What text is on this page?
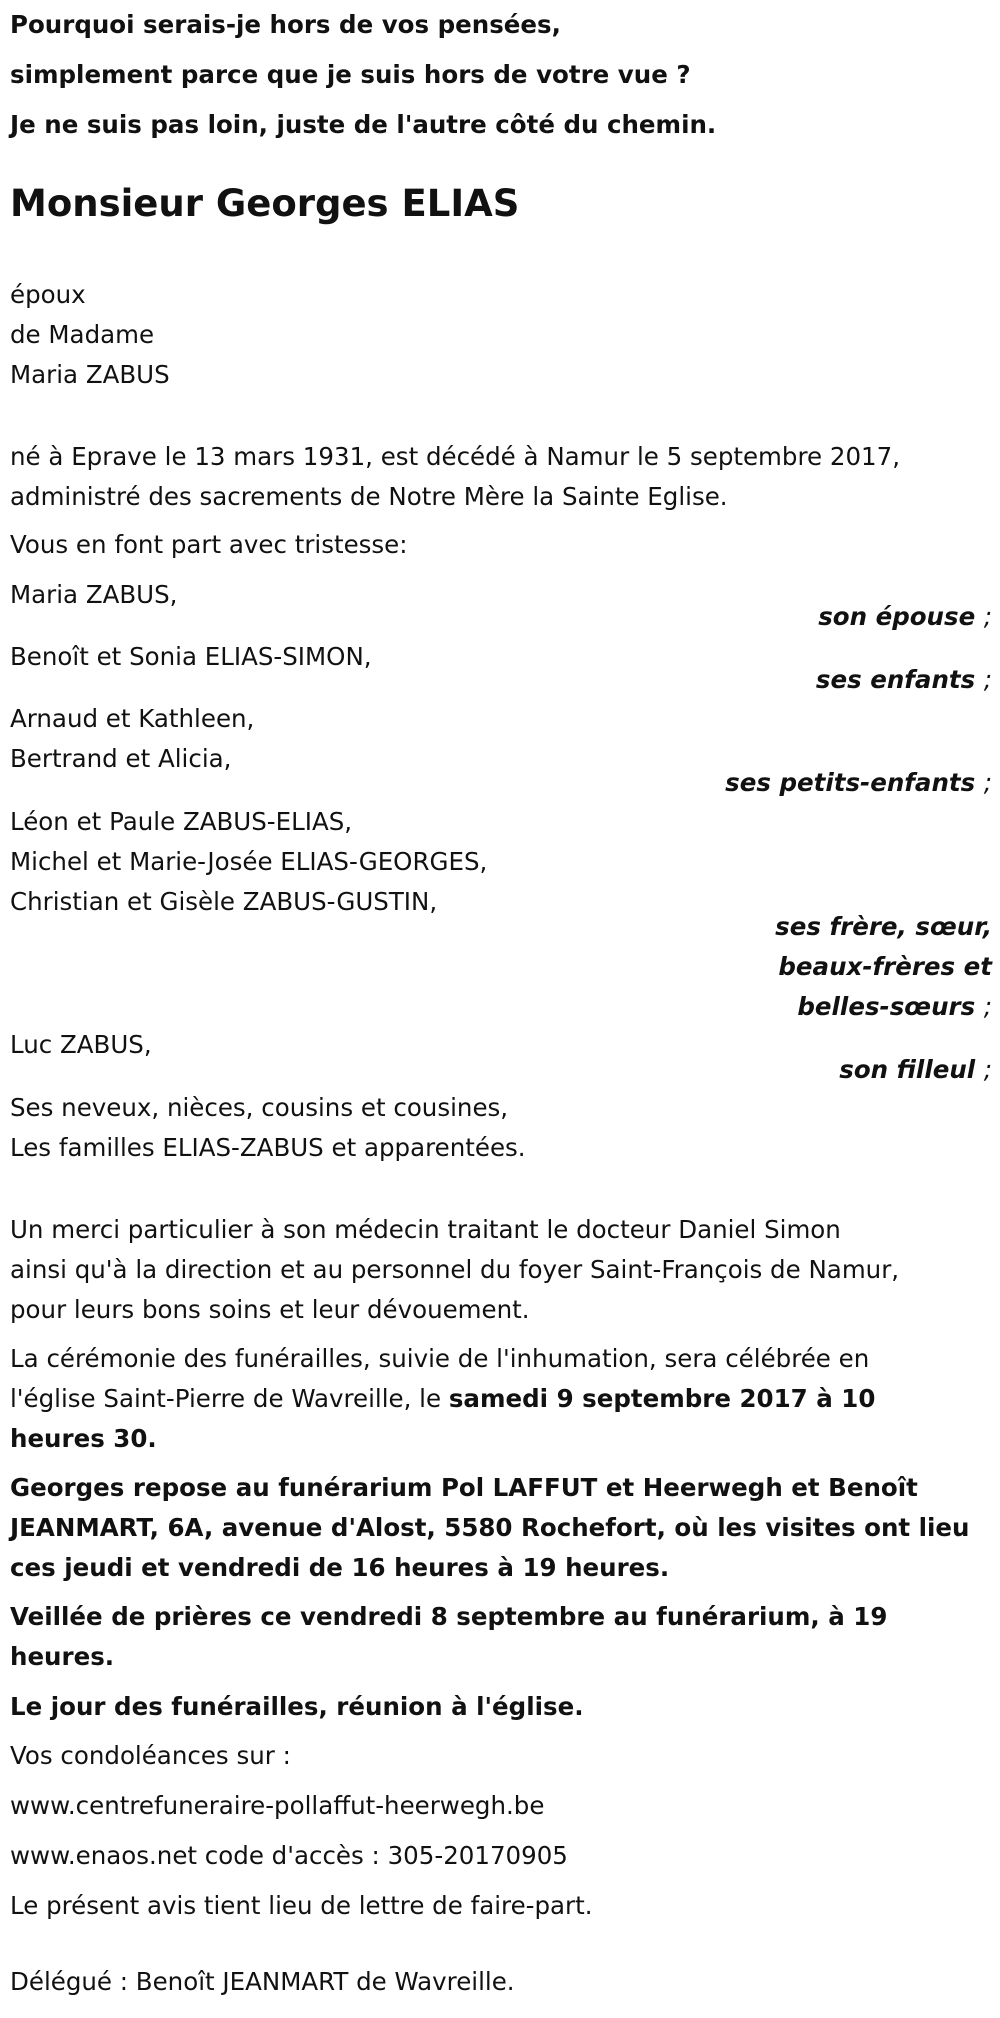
Pourquoi serais-je hors de vos pensées,
simplement parce que je suis hors de votre vue ?
Je ne suis pas loin, juste de l'autre côté du chemin.
Monsieur Georges ELIAS
époux
de Madame
Maria ZABUS
né à Eprave le 13 mars 1931, est décédé à Namur le 5 septembre 2017,
administré des sacrements de Notre Mère la Sainte Eglise.
Vous en font part avec tristesse:
Maria ZABUS,
son épouse ;
Benoît et Sonia ELIAS-SIMON,
ses enfants ;
Arnaud et Kathleen,
Bertrand et Alicia,
ses petits-enfants ;
Léon et Paule ZABUS-ELIAS,
Michel et Marie-Josée ELIAS-GEORGES,
Christian et Gisèle ZABUS-GUSTIN,
ses frère, sœur,
beaux-frères et
belles-sœurs ;
Luc ZABUS,
son filleul ;
Ses neveux, nièces, cousins et cousines,
Les familles ELIAS-ZABUS et apparentées.
Un merci particulier à son médecin traitant le docteur Daniel Simon
ainsi qu'à la direction et au personnel du foyer Saint-François de Namur,
pour leurs bons soins et leur dévouement.
La cérémonie des funérailles, suivie de l'inhumation, sera célébrée en
l'église Saint-Pierre de Wavreille, le samedi 9 septembre 2017 à 10
heures 30.
Georges repose au funérarium Pol LAFFUT et Heerwegh et Benoît
JEANMART, 6A, avenue d'Alost, 5580 Rochefort, où les visites ont lieu
ces jeudi et vendredi de 16 heures à 19 heures.
Veillée de prières ce vendredi 8 septembre au funérarium, à 19
heures.
Le jour des funérailles, réunion à l'église.
Vos condoléances sur :
www.centrefuneraire-pollaffut-heerwegh.be
www.enaos.net code d'accès : 305-20170905
Le présent avis tient lieu de lettre de faire-part.
Délégué : Benoît JEANMART de Wavreille.
